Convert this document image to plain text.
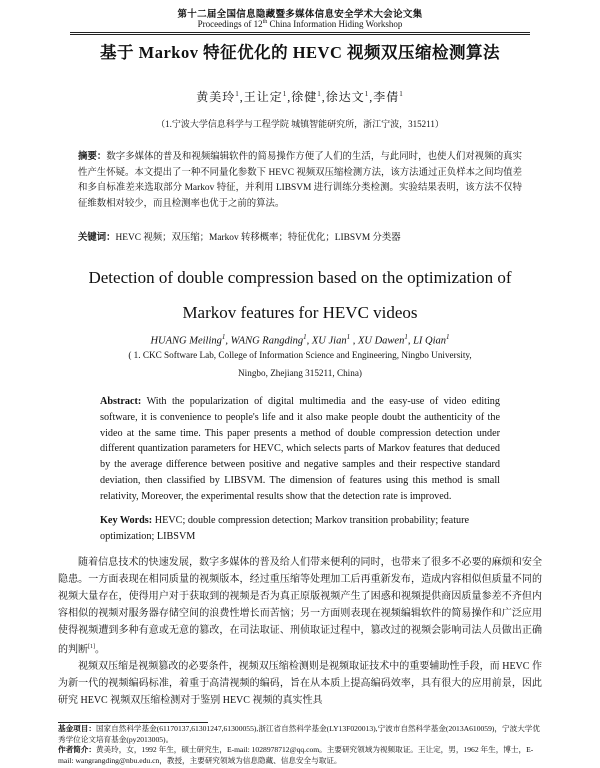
第十二届全国信息隐藏暨多媒体信息安全学术大会论文集
Proceedings of 12th China Information Hiding Workshop
基于 Markov 特征优化的 HEVC 视频双压缩检测算法
黄美玲$^1$,王让定$^1$,徐健$^1$,徐达文$^1$,李倩$^1$
（1.宁波大学信息科学与工程学院 城镇智能研究所，浙江宁波，315211）
摘要：数字多媒体的普及和视频编辑软件的简易操作方便了人们的生活，与此同时，也使人们对视频的真实性产生怀疑。本文提出了一种不同量化参数下 HEVC 视频双压缩检测方法，该方法通过正负样本之间均值差和多自标准差来选取部分 Markov 特征，并利用 LIBSVM 进行训练分类检测。实验结果表明，该方法不仅特征维数相对较少，而且检测率也优于之前的算法。
关键词：HEVC 视频；双压缩；Markov 转移概率；特征优化；LIBSVM 分类器
Detection of double compression based on the optimization of
Markov features for HEVC videos
HUANG Meiling$^1$, WANG Rangding$^1$, XU Jian$^1$ , XU Dawen$^1$, LI Qian$^1$
( 1. CKC Software Lab, College of Information Science and Engineering, Ningbo University,
Ningbo, Zhejiang 315211, China)
Abstract: With the popularization of digital multimedia and the easy-use of video editing software, it is convenience to people's life and it also make people doubt the authenticity of the video at the same time. This paper presents a method of double compression detection under different quantization parameters for HEVC, which selects parts of Markov features that deduced by the average difference between positive and negative samples and their respective standard deviation, then classified by LIBSVM. The dimension of features using this method is small relativity, Moreover, the experimental results show that the detection rate is improved.
Key Words: HEVC; double compression detection; Markov transition probability; feature optimization; LIBSVM

随着信息技术的快速发展，数字多媒体的普及给人们带来便利的同时，也带来了很多不必要的麻烦和安全隐患。一方面表现在相同质量的视频版本，经过重压缩等处理加工后再重新发布，造成内容相似但质量不同的视频大量存在，使得用户对于获取到的视频是否为真正原版视频产生了困惑和视频提供商因质量参差不齐但内容相似的视频对服务器存储空间的浪费性增长而苦恼；另一方面则表现在视频编辑软件的简易操作和广泛应用使得视频遭到多种有意或无意的篡改，在司法取证、刑侦取证过程中，篡改过的视频会影响司法人员做出正确的判断[1]。

视频双压缩是视频篡改的必要条件，视频双压缩检测则是视频取证技术中的重要辅助性手段，而 HEVC 作为新一代的视频编码标准，着重于高清视频的编码，旨在从本质上提高编码效率，具有很大的应用前景，因此研究 HEVC 视频双压缩检测对于鉴别 HEVC 视频的真实性具

基金项目：国家自然科学基金(61170137,61301247,61300055),浙江省自然科学基金(LY13F020013),宁波市自然科学基金(2013A610059)，宁波大学优秀学位论文培育基金(py2013005)。

作者简介：黄美玲，女，1992 年生，硕士研究生，E-mail: 1028978712@qq.com。主要研究领域为视频取证。王让定，男，1962 年生，博士，E-mail: wangrangding@nbu.edu.cn，教授，主要研究领域为信息隐藏、信息安全与取证。
